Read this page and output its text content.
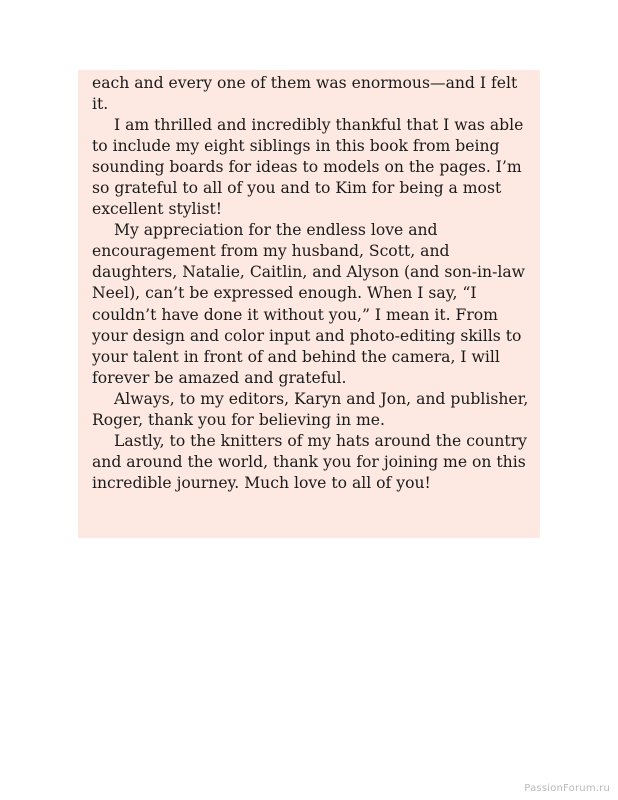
each and every one of them was enormous—and I felt it.

I am thrilled and incredibly thankful that I was able to include my eight siblings in this book from being sounding boards for ideas to models on the pages. I’m so grateful to all of you and to Kim for being a most excellent stylist!

My appreciation for the endless love and encouragement from my husband, Scott, and daughters, Natalie, Caitlin, and Alyson (and son-in-law Neel), can’t be expressed enough. When I say, “I couldn’t have done it without you,” I mean it. From your design and color input and photo-editing skills to your talent in front of and behind the camera, I will forever be amazed and grateful.

Always, to my editors, Karyn and Jon, and publisher, Roger, thank you for believing in me.

Lastly, to the knitters of my hats around the country and around the world, thank you for joining me on this incredible journey. Much love to all of you!

PassionForum.ru
